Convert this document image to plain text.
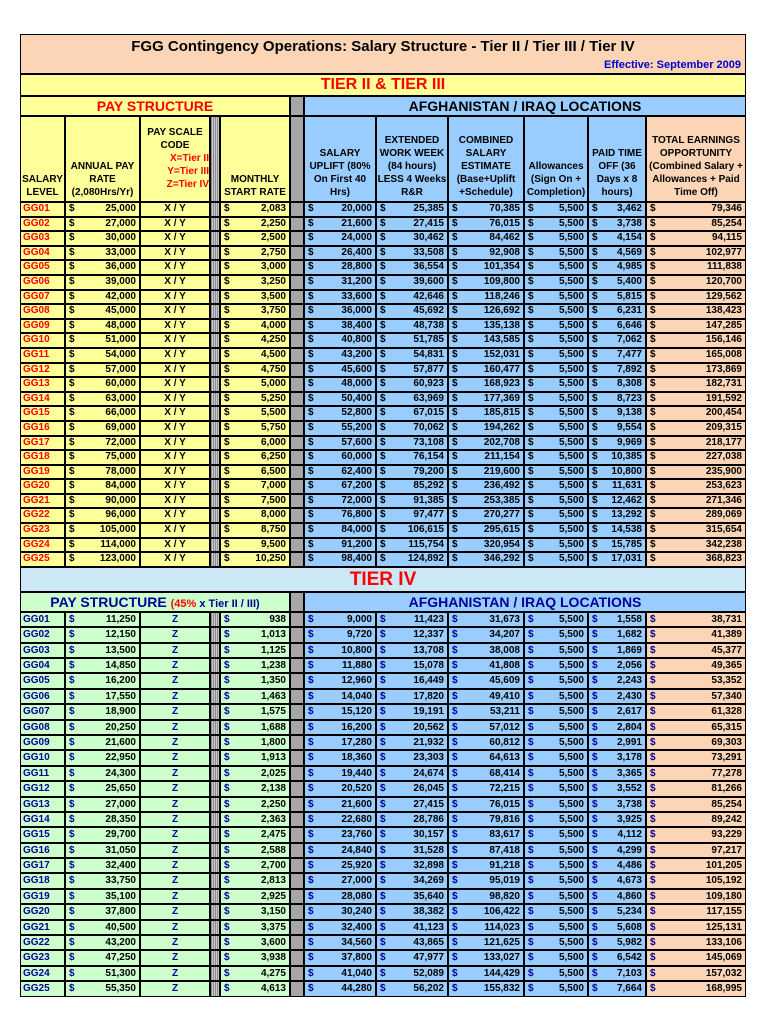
FGG Contingency Operations: Salary Structure - Tier II / Tier III / Tier IV
Effective: September 2009
TIER II & TIER III
PAY STRUCTURE	AFGHANISTAN / IRAQ LOCATIONS
SALARY LEVEL
ANNUAL PAY RATE (2,080Hrs/Yr)
PAY SCALE CODE
X=Tier II
Y=Tier III
Z=Tier IV	MONTHLY START RATE
SALARY UPLIFT (80% On First 40 Hrs)
EXTENDED WORK WEEK (84 hours) LESS 4 Weeks R&R
COMBINED SALARY ESTIMATE (Base+Uplift +Schedule)
Allowances (Sign On + Completion)
PAID TIME OFF (36 Days x 8 hours)
TOTAL EARNINGS OPPORTUNITY (Combined Salary + Allowances + Paid Time Off)
GG01	$	25,000	X / Y	$	2,083 $	20,000 $	25,385 $	70,385 $	5,500 $ 3,462 $	79,346
GG02	$	27,000	X / Y	$	2,250 $	21,600 $	27,415 $	76,015 $	5,500 $ 3,738 $	85,254
GG03	$	30,000	X / Y	$	2,500 $	24,000 $	30,462 $	84,462 $	5,500 $ 4,154 $	94,115
GG04	$	33,000	X / Y	$	2,750 $	26,400 $	33,508 $	92,908 $	5,500 $ 4,569 $	102,977
GG05	$	36,000	X / Y	$	3,000 $	28,800 $	36,554 $	101,354 $	5,500 $ 4,985 $	111,838
GG06	$	39,000	X / Y	$	3,250 $	31,200 $	39,600 $	109,800 $	5,500 $ 5,400 $	120,700
GG07	$	42,000	X / Y	$	3,500 $	33,600 $	42,646 $	118,246 $	5,500 $ 5,815 $	129,562
GG08	$	45,000	X / Y	$	3,750 $	36,000 $	45,692 $	126,692 $	5,500 $ 6,231 $	138,423
GG09	$	48,000	X / Y	$	4,000 $	38,400 $	48,738 $	135,138 $	5,500 $ 6,646 $	147,285
GG10	$	51,000	X / Y	$	4,250 $	40,800 $	51,785 $	143,585 $	5,500 $ 7,062 $	156,146
GG11	$	54,000	X / Y	$	4,500 $	43,200 $	54,831 $	152,031 $	5,500 $ 7,477 $	165,008
GG12	$	57,000	X / Y	$	4,750 $	45,600 $	57,877 $	160,477 $	5,500 $ 7,892 $	173,869
GG13	$	60,000	X / Y	$	5,000 $	48,000 $	60,923 $	168,923 $	5,500 $ 8,308 $	182,731
GG14	$	63,000	X / Y	$	5,250 $	50,400 $	63,969 $	177,369 $	5,500 $ 8,723 $	191,592
GG15	$	66,000	X / Y	$	5,500 $	52,800 $	67,015 $	185,815 $	5,500 $ 9,138 $	200,454
GG16	$	69,000	X / Y	$	5,750 $	55,200 $	70,062 $	194,262 $	5,500 $ 9,554 $	209,315
GG17	$	72,000	X / Y	$	6,000 $	57,600 $	73,108 $	202,708 $	5,500 $ 9,969 $	218,177
GG18	$	75,000	X / Y	$	6,250 $	60,000 $	76,154 $	211,154 $	5,500 $ 10,385 $	227,038
GG19	$	78,000	X / Y	$	6,500 $	62,400 $	79,200 $	219,600 $	5,500 $ 10,800 $	235,900
GG20	$	84,000	X / Y	$	7,000 $	67,200 $	85,292 $	236,492 $	5,500 $ 11,631 $	253,623
GG21	$	90,000	X / Y	$	7,500 $	72,000 $	91,385 $	253,385 $	5,500 $ 12,462 $	271,346
GG22	$	96,000	X / Y	$	8,000 $	76,800 $	97,477 $	270,277 $	5,500 $ 13,292 $	289,069
GG23	$	105,000	X / Y	$	8,750 $	84,000 $ 106,615 $	295,615 $	5,500 $ 14,538 $	315,654
GG24	$	114,000	X / Y	$	9,500 $	91,200 $ 115,754 $	320,954 $	5,500 $ 15,785 $	342,238
GG25	$	123,000	X / Y	$	10,250 $	98,400 $ 124,892 $	346,292 $	5,500 $ 17,031 $	368,823
TIER IV
PAY STRUCTURE (45% x Tier II / III)	AFGHANISTAN / IRAQ LOCATIONS
GG01	$	11,250	Z	$	938 $	9,000 $	11,423 $	31,673 $	5,500 $ 1,558 $	38,731
GG02	$	12,150	Z	$	1,013 $	9,720 $	12,337 $	34,207 $	5,500 $ 1,682 $	41,389
GG03	$	13,500	Z	$	1,125 $	10,800 $	13,708 $	38,008 $	5,500 $ 1,869 $	45,377
GG04	$	14,850	Z	$	1,238 $	11,880 $	15,078 $	41,808 $	5,500 $ 2,056 $	49,365
GG05	$	16,200	Z	$	1,350 $	12,960 $	16,449 $	45,609 $	5,500 $ 2,243 $	53,352
GG06	$	17,550	Z	$	1,463 $	14,040 $	17,820 $	49,410 $	5,500 $ 2,430 $	57,340
GG07	$	18,900	Z	$	1,575 $	15,120 $	19,191 $	53,211 $	5,500 $ 2,617 $	61,328
GG08	$	20,250	Z	$	1,688 $	16,200 $	20,562 $	57,012 $	5,500 $ 2,804 $	65,315
GG09	$	21,600	Z	$	1,800 $	17,280 $	21,932 $	60,812 $	5,500 $ 2,991 $	69,303
GG10	$	22,950	Z	$	1,913 $	18,360 $	23,303 $	64,613 $	5,500 $ 3,178 $	73,291
GG11	$	24,300	Z	$	2,025 $	19,440 $	24,674 $	68,414 $	5,500 $ 3,365 $	77,278
GG12	$	25,650	Z	$	2,138 $	20,520 $	26,045 $	72,215 $	5,500 $ 3,552 $	81,266
GG13	$	27,000	Z	$	2,250 $	21,600 $	27,415 $	76,015 $	5,500 $ 3,738 $	85,254
GG14	$	28,350	Z	$	2,363 $	22,680 $	28,786 $	79,816 $	5,500 $ 3,925 $	89,242
GG15	$	29,700	Z	$	2,475 $	23,760 $	30,157 $	83,617 $	5,500 $ 4,112 $	93,229
GG16	$	31,050	Z	$	2,588 $	24,840 $	31,528 $	87,418 $	5,500 $ 4,299 $	97,217
GG17	$	32,400	Z	$	2,700 $	25,920 $	32,898 $	91,218 $	5,500 $ 4,486 $	101,205
GG18	$	33,750	Z	$	2,813 $	27,000 $	34,269 $	95,019 $	5,500 $ 4,673 $	105,192
GG19	$	35,100	Z	$	2,925 $	28,080 $	35,640 $	98,820 $	5,500 $ 4,860 $	109,180
GG20	$	37,800	Z	$	3,150 $	30,240 $	38,382 $	106,422 $	5,500 $ 5,234 $	117,155
GG21	$	40,500	Z	$	3,375 $	32,400 $	41,123 $	114,023 $	5,500 $ 5,608 $	125,131
GG22	$	43,200	Z	$	3,600 $	34,560 $	43,865 $	121,625 $	5,500 $ 5,982 $	133,106
GG23	$	47,250	Z	$	3,938 $	37,800 $	47,977 $	133,027 $	5,500 $ 6,542 $	145,069
GG24	$	51,300	Z	$	4,275 $	41,040 $	52,089 $	144,429 $	5,500 $ 7,103 $	157,032
GG25	$	55,350	Z	$	4,613 $	44,280 $	56,202 $	155,832 $	5,500 $ 7,664 $	168,995
